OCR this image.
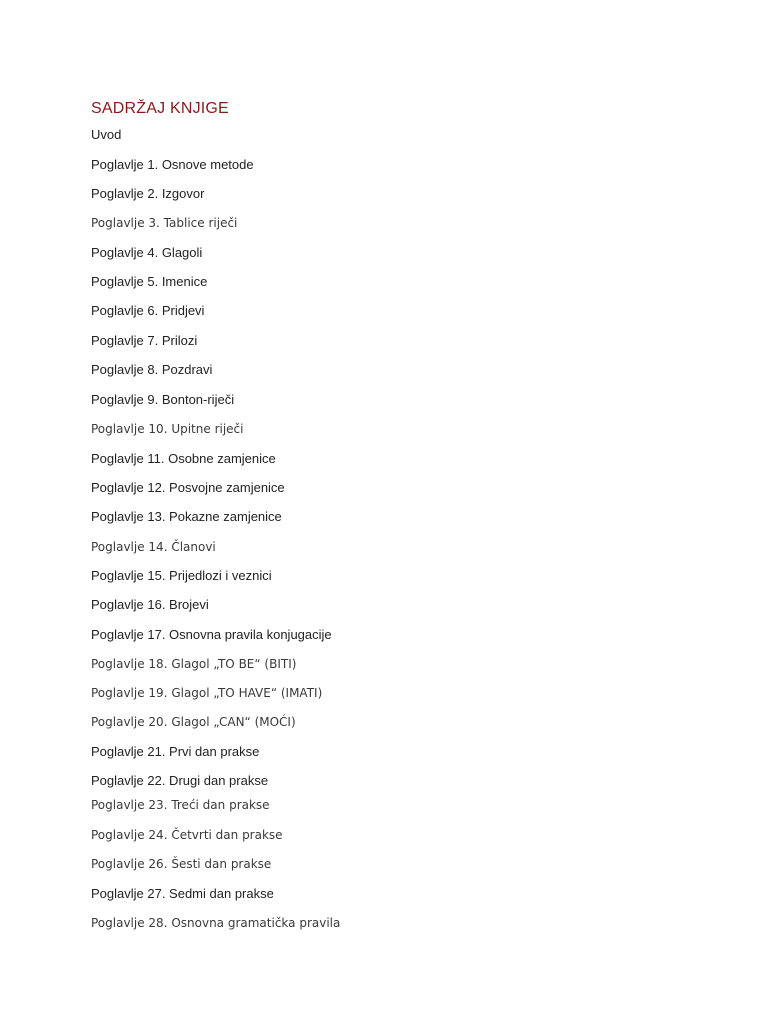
SADRŽAJ KNJIGE
Uvod
Poglavlje 1. Osnove metode
Poglavlje 2. Izgovor
Poglavlje 3. Tablice riječi
Poglavlje 4. Glagoli
Poglavlje 5. Imenice
Poglavlje 6. Pridjevi
Poglavlje 7. Prilozi
Poglavlje 8. Pozdravi
Poglavlje 9. Bonton-riječi
Poglavlje 10. Upitne riječi
Poglavlje 11. Osobne zamjenice
Poglavlje 12. Posvojne zamjenice
Poglavlje 13. Pokazne zamjenice
Poglavlje 14. Članovi
Poglavlje 15. Prijedlozi i veznici
Poglavlje 16. Brojevi
Poglavlje 17. Osnovna pravila konjugacije
Poglavlje 18. Glagol „TO BE“ (BITI)
Poglavlje 19. Glagol „TO HAVE“ (IMATI)
Poglavlje 20. Glagol „CAN“ (MOĆI)
Poglavlje 21. Prvi dan prakse
Poglavlje 22. Drugi dan prakse
Poglavlje 23. Treći dan prakse
Poglavlje 24. Četvrti dan prakse
Poglavlje 26. Šesti dan prakse
Poglavlje 27. Sedmi dan prakse
Poglavlje 28. Osnovna gramatička pravila
